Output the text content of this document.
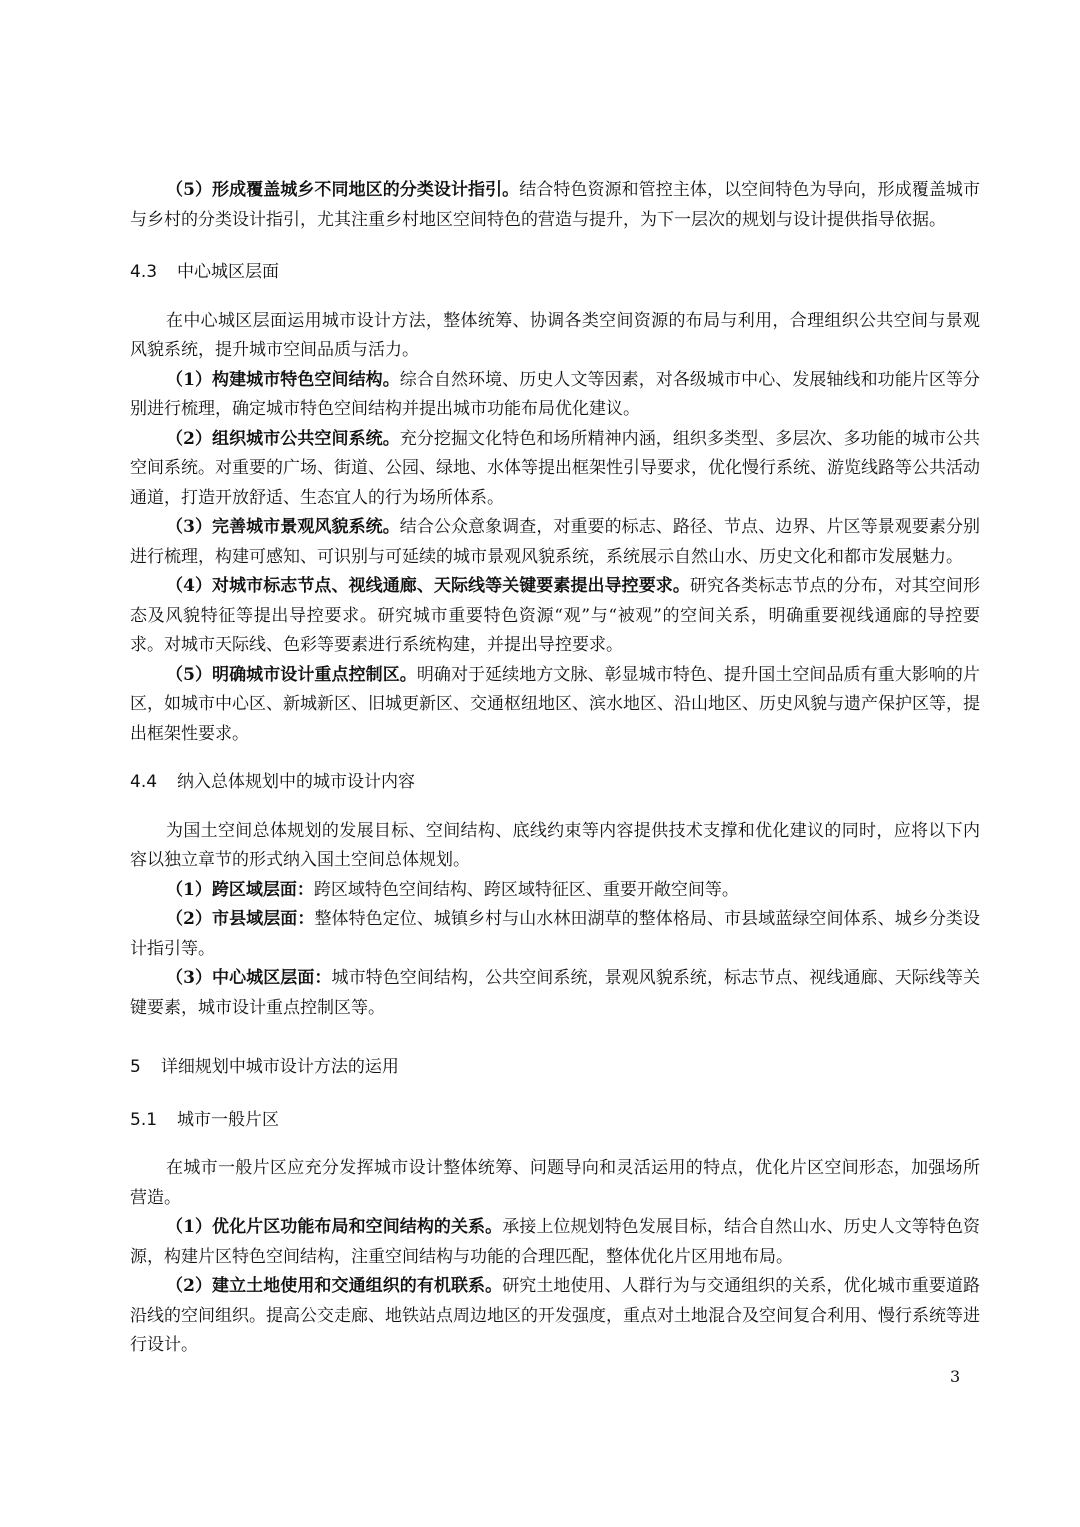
（5）形成覆盖城乡不同地区的分类设计指引。结合特色资源和管控主体，以空间特色为导向，形成覆盖城市与乡村的分类设计指引，尤其注重乡村地区空间特色的营造与提升，为下一层次的规划与设计提供指导依据。

4.3 中心城区层面

在中心城区层面运用城市设计方法，整体统筹、协调各类空间资源的布局与利用，合理组织公共空间与景观风貌系统，提升城市空间品质与活力。

（1）构建城市特色空间结构。综合自然环境、历史人文等因素，对各级城市中心、发展轴线和功能片区等分别进行梳理，确定城市特色空间结构并提出城市功能布局优化建议。

（2）组织城市公共空间系统。充分挖掘文化特色和场所精神内涵，组织多类型、多层次、多功能的城市公共空间系统。对重要的广场、街道、公园、绿地、水体等提出框架性引导要求，优化慢行系统、游览线路等公共活动通道，打造开放舒适、生态宜人的行为场所体系。

（3）完善城市景观风貌系统。结合公众意象调查，对重要的标志、路径、节点、边界、片区等景观要素分别进行梳理，构建可感知、可识别与可延续的城市景观风貌系统，系统展示自然山水、历史文化和都市发展魅力。

（4）对城市标志节点、视线通廊、天际线等关键要素提出导控要求。研究各类标志节点的分布，对其空间形态及风貌特征等提出导控要求。研究城市重要特色资源“观”与“被观”的空间关系，明确重要视线通廊的导控要求。对城市天际线、色彩等要素进行系统构建，并提出导控要求。

（5）明确城市设计重点控制区。明确对于延续地方文脉、彰显城市特色、提升国土空间品质有重大影响的片区，如城市中心区、新城新区、旧城更新区、交通枢纽地区、滨水地区、沿山地区、历史风貌与遗产保护区等，提出框架性要求。

4.4 纳入总体规划中的城市设计内容

为国土空间总体规划的发展目标、空间结构、底线约束等内容提供技术支撑和优化建议的同时，应将以下内容以独立章节的形式纳入国土空间总体规划。

（1）跨区域层面：跨区域特色空间结构、跨区域特征区、重要开敞空间等。

（2）市县域层面：整体特色定位、城镇乡村与山水林田湖草的整体格局、市县域蓝绿空间体系、城乡分类设计指引等。

（3）中心城区层面：城市特色空间结构，公共空间系统，景观风貌系统，标志节点、视线通廊、天际线等关键要素，城市设计重点控制区等。

5 详细规划中城市设计方法的运用
5.1 城市一般片区

在城市一般片区应充分发挥城市设计整体统筹、问题导向和灵活运用的特点，优化片区空间形态，加强场所营造。

（1）优化片区功能布局和空间结构的关系。承接上位规划特色发展目标，结合自然山水、历史人文等特色资源，构建片区特色空间结构，注重空间结构与功能的合理匹配，整体优化片区用地布局。

（2）建立土地使用和交通组织的有机联系。研究土地使用、人群行为与交通组织的关系，优化城市重要道路沿线的空间组织。提高公交走廊、地铁站点周边地区的开发强度，重点对土地混合及空间复合利用、慢行系统等进行设计。

3
